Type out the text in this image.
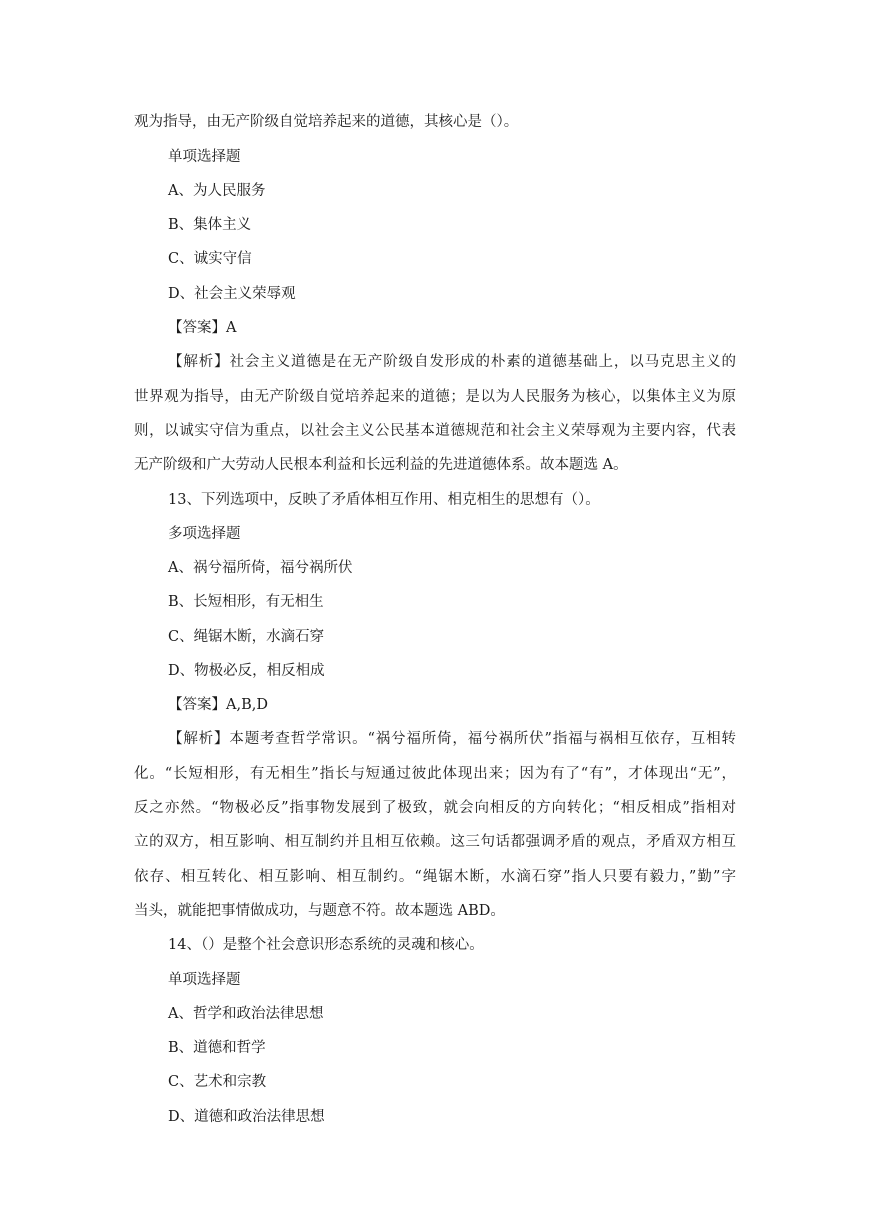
观为指导，由无产阶级自觉培养起来的道德，其核心是（）。
单项选择题
A、为人民服务
B、集体主义
C、诚实守信
D、社会主义荣辱观
【答案】A
【解析】社会主义道德是在无产阶级自发形成的朴素的道德基础上，以马克思主义的
世界观为指导，由无产阶级自觉培养起来的道德；是以为人民服务为核心，以集体主义为原
则，以诚实守信为重点，以社会主义公民基本道德规范和社会主义荣辱观为主要内容，代表
无产阶级和广大劳动人民根本利益和长远利益的先进道德体系。故本题选 A。
13、下列选项中，反映了矛盾体相互作用、相克相生的思想有（）。
多项选择题
A、祸兮福所倚，福兮祸所伏
B、长短相形，有无相生
C、绳锯木断，水滴石穿
D、物极必反，相反相成
【答案】A,B,D
【解析】本题考查哲学常识。“祸兮福所倚，福兮祸所伏”指福与祸相互依存，互相转
化。“长短相形，有无相生”指长与短通过彼此体现出来；因为有了“有”，才体现出“无”，
反之亦然。“物极必反”指事物发展到了极致，就会向相反的方向转化；“相反相成”指相对
立的双方，相互影响、相互制约并且相互依赖。这三句话都强调矛盾的观点，矛盾双方相互
依存、相互转化、相互影响、相互制约。“绳锯木断，水滴石穿”指人只要有毅力，”勤”字
当头，就能把事情做成功，与题意不符。故本题选 ABD。
14、（）是整个社会意识形态系统的灵魂和核心。
单项选择题
A、哲学和政治法律思想
B、道德和哲学
C、艺术和宗教
D、道德和政治法律思想
